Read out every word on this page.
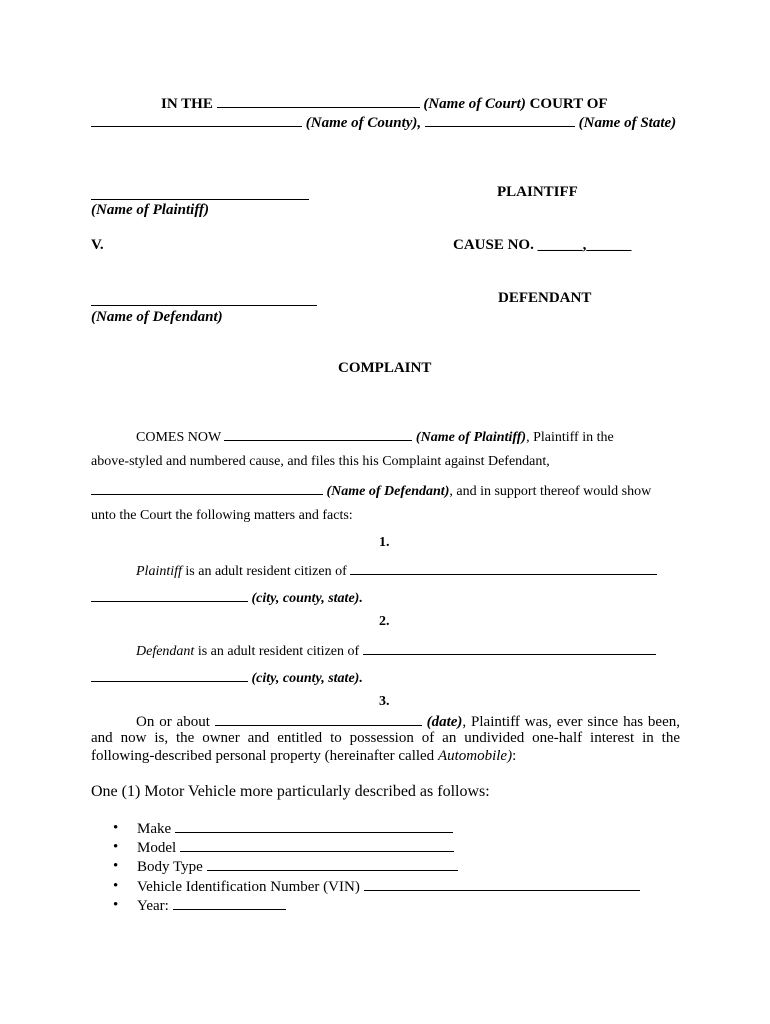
IN THE	(Name of Court) COURT OF
(Name of County),	(Name of State)
(Name of Plaintiff)
PLAINTIFF
V.	CAUSE NO. ______,______
(Name of Defendant)
DEFENDANT
COMPLAINT
COMES NOW	(Name of Plaintiff), Plaintiff in the
above-styled and numbered cause, and files this his Complaint against Defendant,
(Name of Defendant), and in support thereof would show
unto the Court the following matters and facts:
1.
Plaintiff is an adult resident citizen of
(city, county, state).
2.
Defendant is an adult resident citizen of
(city, county, state).
3.
On or about	(date), Plaintiff was, ever since has been,
and now is, the owner and entitled to possession of an undivided one-half interest in the
following-described personal property (hereinafter called Automobile):
One (1) Motor Vehicle more particularly described as follows:
• Make
• Model
• Body Type
• Vehicle Identification Number (VIN)
• Year:
